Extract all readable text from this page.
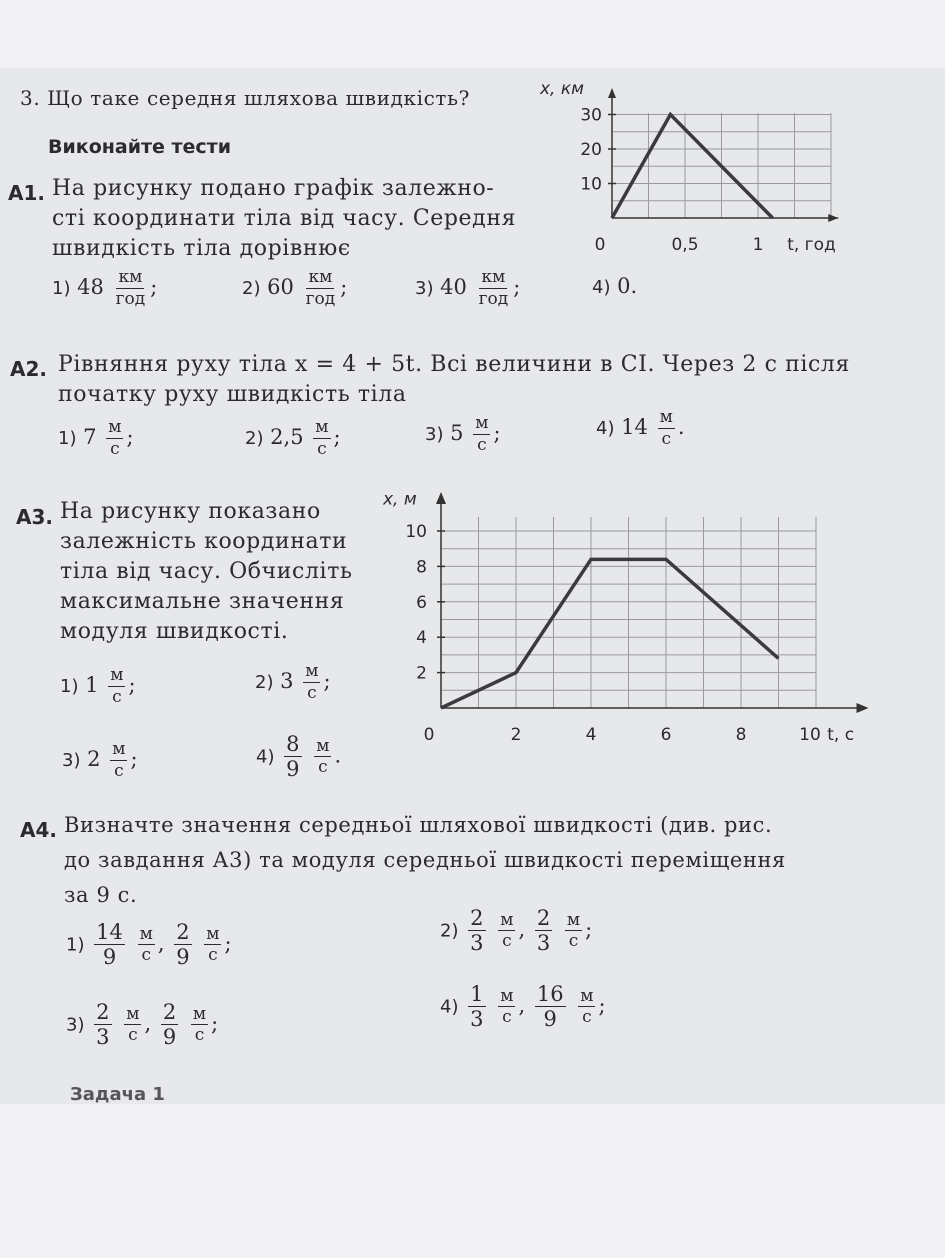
3. Що таке середня шляхова швидкість?
Виконайте тести
А1. На рисунку подано графік залежно-
сті координати тіла від часу. Середня
швидкість тіла дорівнює
1) $48 \frac{км}{\text{год}}$ ;	2) $60 \frac{км}{\text{год}}$ ;	3) $40 \frac{км}{\text{год}}$ ;	4) 0.
x, км
t, год
10
20
30
0	0,5	1
А2. Рівняння руху тіла x = 4 + 5t. Всі величини в СІ. Через 2 с після
початку руху швидкість тіла
1) $7 \frac{м}{с}$ ;	2) $2,5 \frac{м}{с}$ ;	3) $5 \frac{м}{с}$ ;	4) $14 \frac{м}{с}$ .
А3. На рисунку показано
залежність координати
тіла від часу. Обчисліть
максимальне значення
модуля швидкості.
1) $1 \frac{м}{с}$ ;	2) $3 \frac{м}{с}$ ;
3) $2 \frac{м}{с}$ ;	$4) \frac{8}{9}$
$\frac{м}{с}$ .
x, м
t, с
2
4
6
8
10
0	2	4	6	8	10
А4. Визначте значення середньої шляхової швидкості (див. рис.
до завдання А3) та модуля середньої швидкості переміщення
за 9 с.
$1) \frac{14}{9}$
$\frac{м}{с}$ , $\frac{2}{9}$
$\frac{м}{с}$ ;
$2) \frac{2}{3}$
$\frac{м}{с}$ , $\frac{2}{3}$
$\frac{м}{с}$ ;
$3) \frac{2}{3}$
$\frac{м}{с}$ , $\frac{2}{9}$
$\frac{м}{с}$ ;
$4) \frac{1}{3}$
$\frac{м}{с}$ , $\frac{16}{9}$
$\frac{м}{с}$ ;
Задача 1
